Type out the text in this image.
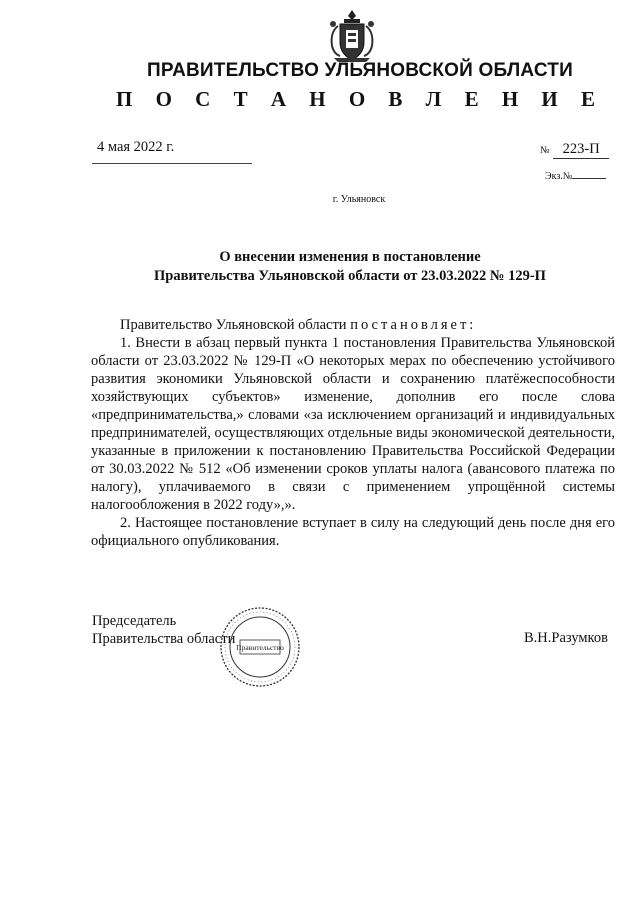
ПРАВИТЕЛЬСТВО УЛЬЯНОВСКОЙ ОБЛАСТИ
П О С Т А Н О В Л Е Н И Е
4 мая 2022 г.	№ 223-П
Экз.№
г. Ульяновск
О внесении изменения в постановление
Правительства Ульяновской области от 23.03.2022 № 129-П

Правительство Ульяновской области постановляет:

1. Внести в абзац первый пункта 1 постановления Правительства Ульяновской области от 23.03.2022 № 129-П «О некоторых мерах по обеспечению устойчивого развития экономики Ульяновской области и сохранению платёжеспособности хозяйствующих субъектов» изменение, дополнив его после слова «предпринимательства,» словами «за исключением организаций и индивидуальных предпринимателей, осуществляющих отдельные виды экономической деятельности, указанные в приложении к постановлению Правительства Российской Федерации от 30.03.2022 № 512 «Об изменении сроков уплаты налога (авансового платежа по налогу), уплачиваемого в связи с применением упрощённой системы налогообложения в 2022 году»,».

2. Настоящее постановление вступает в силу на следующий день после дня его официального опубликования.

Председатель
Правительства области
Правительство
В.Н.Разумков
